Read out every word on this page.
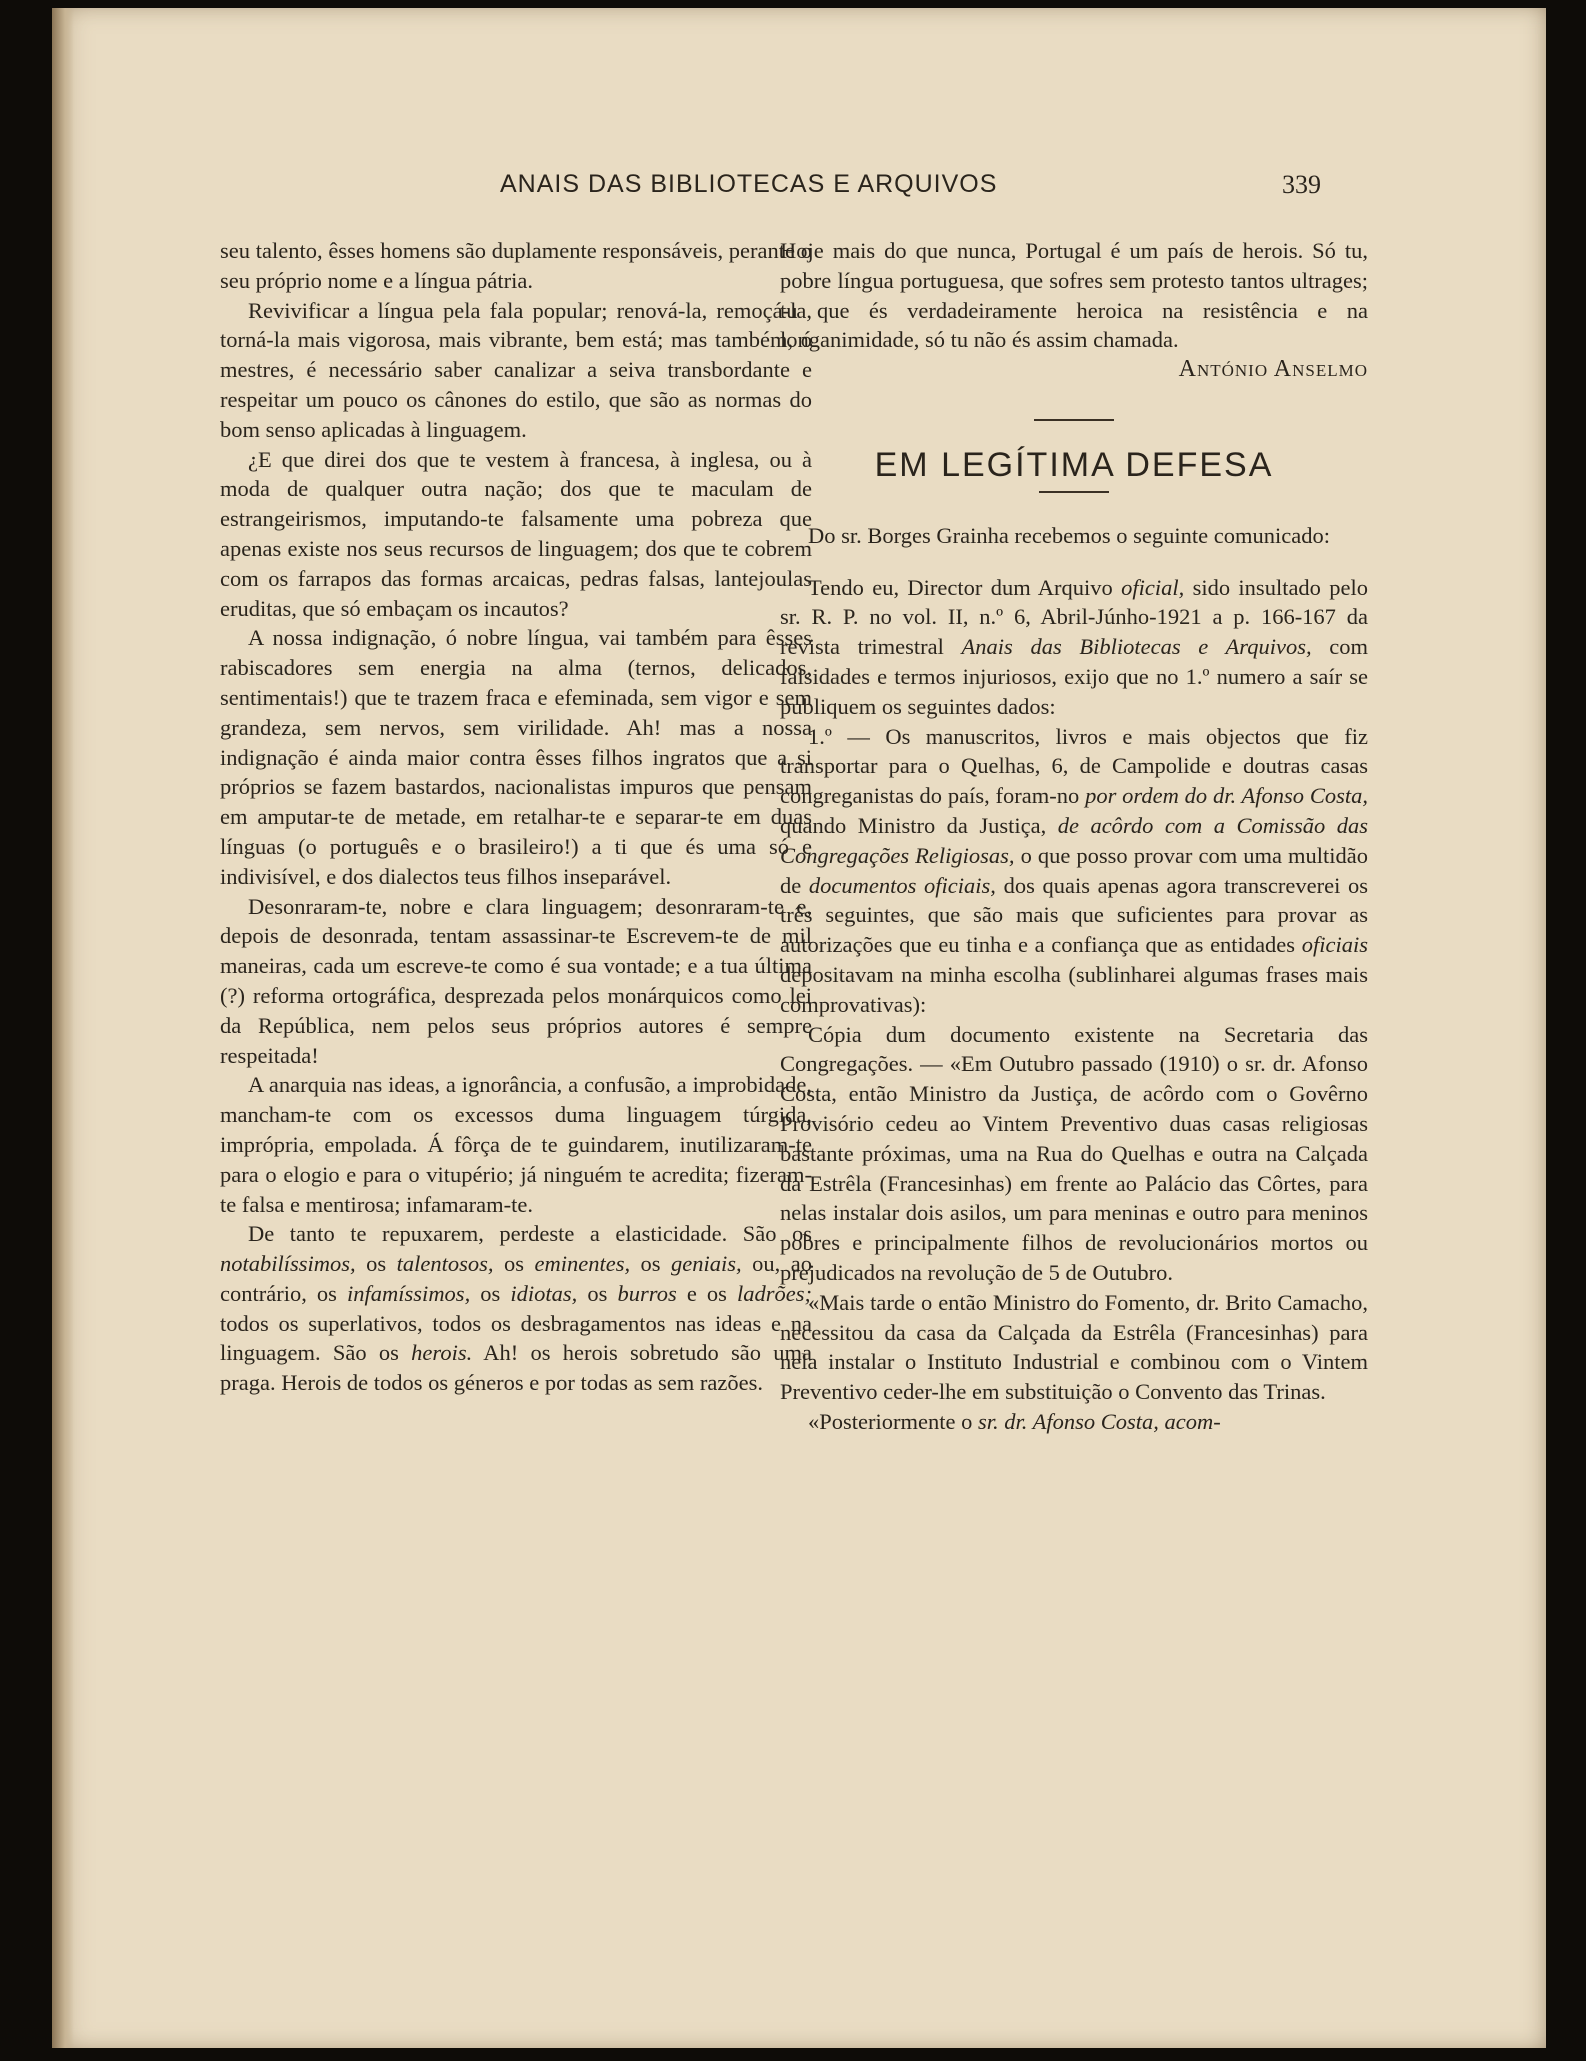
ANAIS DAS BIBLIOTECAS E ARQUIVOS	339

seu talento, êsses homens são duplamente responsáveis, perante o seu próprio nome e a língua pátria.

Revivificar a língua pela fala popular; renová-la, remoçá-la, torná-la mais vigorosa, mais vibrante, bem está; mas também, ó mestres, é necessário saber canalizar a seiva transbordante e respeitar um pouco os cânones do estilo, que são as normas do bom senso aplicadas à linguagem.

¿E que direi dos que te vestem à francesa, à inglesa, ou à moda de qualquer outra nação; dos que te maculam de estrangeirismos, imputando-te falsamente uma pobreza que apenas existe nos seus recursos de linguagem; dos que te cobrem com os farrapos das formas arcaicas, pedras falsas, lantejoulas eruditas, que só embaçam os incautos?

A nossa indignação, ó nobre língua, vai também para êsses rabiscadores sem energia na alma (ternos, delicados, sentimentais!) que te trazem fraca e efeminada, sem vigor e sem grandeza, sem nervos, sem virilidade. Ah! mas a nossa indignação é ainda maior contra êsses filhos ingratos que a si próprios se fazem bastardos, nacionalistas impuros que pensam em amputar-te de metade, em retalhar-te e separar-te em duas línguas (o português e o brasileiro!) a ti que és uma só e indivisível, e dos dialectos teus filhos inseparável.

Desonraram-te, nobre e clara linguagem; desonraram-te e, depois de desonrada, tentam assassinar-te Escrevem-te de mil maneiras, cada um escreve-te como é sua vontade; e a tua última (?) reforma ortográfica, desprezada pelos monárquicos como lei da República, nem pelos seus próprios autores é sempre respeitada!

A anarquia nas ideas, a ignorância, a confusão, a improbidade, mancham-te com os excessos duma linguagem túrgida, imprópria, empolada. Á fôrça de te guindarem, inutilizaram-te para o elogio e para o vitupério; já ninguém te acredita; fizeram-te falsa e mentirosa; infamaram-te.

De tanto te repuxarem, perdeste a elasticidade. São os notabilíssimos, os talentosos, os eminentes, os geniais, ou, ao contrário, os infamíssimos, os idiotas, os burros e os ladrões; todos os superlativos, todos os desbragamentos nas ideas e na linguagem. São os herois. Ah! os herois sobretudo são uma praga. Herois de todos os géneros e por todas as sem razões.

Hoje mais do que nunca, Portugal é um país de herois. Só tu, pobre língua portuguesa, que sofres sem protesto tantos ultrages; tu que és verdadeiramente heroica na resistência e na longanimidade, só tu não és assim chamada.

António Anselmo

EM LEGÍTIMA DEFESA

Do sr. Borges Grainha recebemos o seguinte comunicado:

Tendo eu, Director dum Arquivo oficial, sido insultado pelo sr. R. P. no vol. II, n.º 6, Abril-Júnho-1921 a p. 166-167 da revista trimestral Anais das Bibliotecas e Arquivos, com falsidades e termos injuriosos, exijo que no 1.º numero a saír se publiquem os seguintes dados:

1.º — Os manuscritos, livros e mais objectos que fiz transportar para o Quelhas, 6, de Campolide e doutras casas congreganistas do país, foram-no por ordem do dr. Afonso Costa, quando Ministro da Justiça, de acôrdo com a Comissão das Congregações Religiosas, o que posso provar com uma multidão de documentos oficiais, dos quais apenas agora transcreverei os três seguintes, que são mais que suficientes para provar as autorizações que eu tinha e a confiança que as entidades oficiais depositavam na minha escolha (sublinharei algumas frases mais comprovativas):

Cópia dum documento existente na Secretaria das Congregações. — «Em Outubro passado (1910) o sr. dr. Afonso Costa, então Ministro da Justiça, de acôrdo com o Govêrno Provisório cedeu ao Vintem Preventivo duas casas religiosas bastante próximas, uma na Rua do Quelhas e outra na Calçada da Estrêla (Francesinhas) em frente ao Palácio das Côrtes, para nelas instalar dois asilos, um para meninas e outro para meninos pobres e principalmente filhos de revolucionários mortos ou prejudicados na revolução de 5 de Outubro.

«Mais tarde o então Ministro do Fomento, dr. Brito Camacho, necessitou da casa da Calçada da Estrêla (Francesinhas) para nela instalar o Instituto Industrial e combinou com o Vintem Preventivo ceder-lhe em substituição o Convento das Trinas.

«Posteriormente o sr. dr. Afonso Costa, acom-
